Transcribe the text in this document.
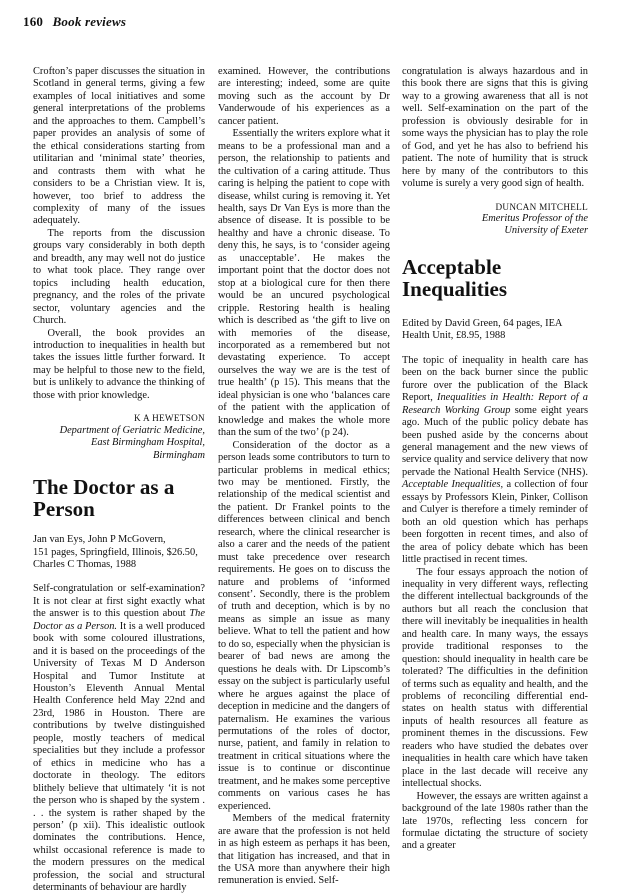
160 Book reviews

Crofton’s paper discusses the situation in Scotland in general terms, giving a few examples of local initiatives and some general interpretations of the problems and the approaches to them. Campbell’s paper provides an analysis of some of the ethical considerations starting from utilitarian and ‘minimal state’ theories, and contrasts them with what he considers to be a Christian view. It is, however, too brief to address the complexity of many of the issues adequately.

The reports from the discussion groups vary considerably in both depth and breadth, any may well not do justice to what took place. They range over topics including health education, pregnancy, and the roles of the private sector, voluntary agencies and the Church.

Overall, the book provides an introduction to inequalities in health but takes the issues little further forward. It may be helpful to those new to the field, but is unlikely to advance the thinking of those with prior knowledge.

K A HEWETSON
Department of Geriatric Medicine,
East Birmingham Hospital,
Birmingham
The Doctor as a Person
Jan van Eys, John P McGovern,
151 pages, Springfield, Illinois, $26.50,
Charles C Thomas, 1988

Self-congratulation or self-examination? It is not clear at first sight exactly what the answer is to this question about The Doctor as a Person. It is a well produced book with some coloured illustrations, and it is based on the proceedings of the University of Texas M D Anderson Hospital and Tumor Institute at Houston’s Eleventh Annual Mental Health Conference held May 22nd and 23rd, 1986 in Houston. There are contributions by twelve distinguished people, mostly teachers of medical specialities but they include a professor of ethics in medicine who has a doctorate in theology. The editors blithely believe that ultimately ‘it is not the person who is shaped by the system . . . the system is rather shaped by the person’ (p xii). This idealistic outlook dominates the contributions. Hence, whilst occasional reference is made to the modern pressures on the medical profession, the social and structural determinants of behaviour are hardly

examined. However, the contributions are interesting; indeed, some are quite moving such as the account by Dr Vanderwoude of his experiences as a cancer patient.

Essentially the writers explore what it means to be a professional man and a person, the relationship to patients and the cultivation of a caring attitude. Thus caring is helping the patient to cope with disease, whilst curing is removing it. Yet health, says Dr Van Eys is more than the absence of disease. It is possible to be healthy and have a chronic disease. To deny this, he says, is to ‘consider ageing as unacceptable’. He makes the important point that the doctor does not stop at a biological cure for then there would be an uncured psychological cripple. Restoring health is healing which is described as ‘the gift to live on with memories of the disease, incorporated as a remembered but not devastating experience. To accept ourselves the way we are is the test of true health’ (p 15). This means that the ideal physician is one who ‘balances care of the patient with the application of knowledge and makes the whole more than the sum of the two’ (p 24).

Consideration of the doctor as a person leads some contributors to turn to particular problems in medical ethics; two may be mentioned. Firstly, the relationship of the medical scientist and the patient. Dr Frankel points to the differences between clinical and bench research, where the clinical researcher is also a carer and the needs of the patient must take precedence over research requirements. He goes on to discuss the nature and problems of ‘informed consent’. Secondly, there is the problem of truth and deception, which is by no means as simple an issue as many believe. What to tell the patient and how to do so, especially when the physician is bearer of bad news are among the questions he deals with. Dr Lipscomb’s essay on the subject is particularly useful where he argues against the place of deception in medicine and the dangers of paternalism. He examines the various permutations of the roles of doctor, nurse, patient, and family in relation to treatment in critical situations where the issue is to continue or discontinue treatment, and he makes some perceptive comments on various cases he has experienced.

Members of the medical fraternity are aware that the profession is not held in as high esteem as perhaps it has been, that litigation has increased, and that in the USA more than anywhere their high remuneration is envied. Self-

congratulation is always hazardous and in this book there are signs that this is giving way to a growing awareness that all is not well. Self-examination on the part of the profession is obviously desirable for in some ways the physician has to play the role of God, and yet he has also to befriend his patient. The note of humility that is struck here by many of the contributors to this volume is surely a very good sign of health.

DUNCAN MITCHELL
Emeritus Professor of the
University of Exeter
Acceptable Inequalities
Edited by David Green, 64 pages, IEA
Health Unit, £8.95, 1988

The topic of inequality in health care has been on the back burner since the public furore over the publication of the Black Report, Inequalities in Health: Report of a Research Working Group some eight years ago. Much of the public policy debate has been pushed aside by the concerns about general management and the new views of service quality and service delivery that now pervade the National Health Service (NHS). Acceptable Inequalities, a collection of four essays by Professors Klein, Pinker, Collison and Culyer is therefore a timely reminder of both an old question which has perhaps been forgotten in recent times, and also of the area of policy debate which has been little practised in recent times.

The four essays approach the notion of inequality in very different ways, reflecting the different intellectual backgrounds of the authors but all reach the conclusion that there will inevitably be inequalities in health and health care. In many ways, the essays provide traditional responses to the question: should inequality in health care be tolerated? The difficulties in the definition of terms such as equality and health, and the problems of reconciling differential end-states on health status with differential inputs of health resources all feature as prominent themes in the discussions. Few readers who have studied the debates over inequalities in health care which have taken place in the last decade will receive any intellectual shocks.

However, the essays are written against a background of the late 1980s rather than the late 1970s, reflecting less concern for formulae dictating the structure of society and a greater
